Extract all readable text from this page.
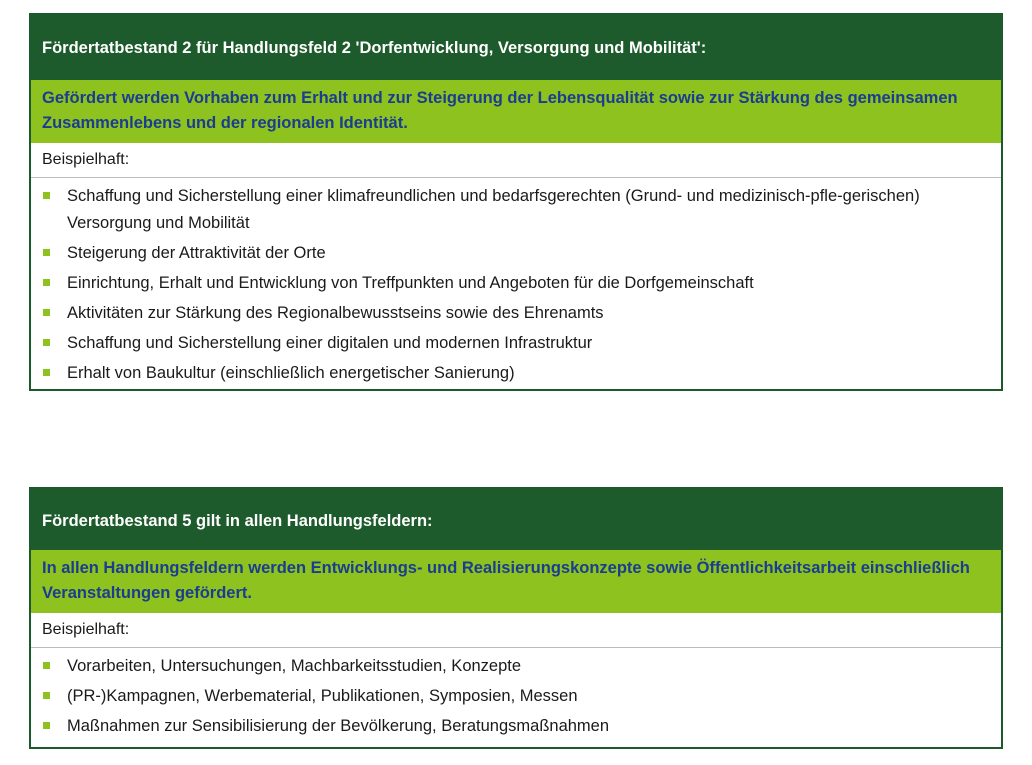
Fördertatbestand 2 für Handlungsfeld 2 'Dorfentwicklung, Versorgung und Mobilität':
Gefördert werden Vorhaben zum Erhalt und zur Steigerung der Lebensqualität sowie zur Stärkung des gemeinsamen Zusammenlebens und der regionalen Identität.
Beispielhaft:
Schaffung und Sicherstellung einer klimafreundlichen und bedarfsgerechten (Grund- und medizinisch-pfle-gerischen) Versorgung und Mobilität
Steigerung der Attraktivität der Orte
Einrichtung, Erhalt und Entwicklung von Treffpunkten und Angeboten für die Dorfgemeinschaft
Aktivitäten zur Stärkung des Regionalbewusstseins sowie des Ehrenamts
Schaffung und Sicherstellung einer digitalen und modernen Infrastruktur
Erhalt von Baukultur (einschließlich energetischer Sanierung)
Fördertatbestand 5 gilt in allen Handlungsfeldern:
In allen Handlungsfeldern werden Entwicklungs- und Realisierungskonzepte sowie Öffentlichkeitsarbeit einschließlich Veranstaltungen gefördert.
Beispielhaft:
Vorarbeiten, Untersuchungen, Machbarkeitsstudien, Konzepte
(PR-)Kampagnen, Werbematerial, Publikationen, Symposien, Messen
Maßnahmen zur Sensibilisierung der Bevölkerung, Beratungsmaßnahmen
